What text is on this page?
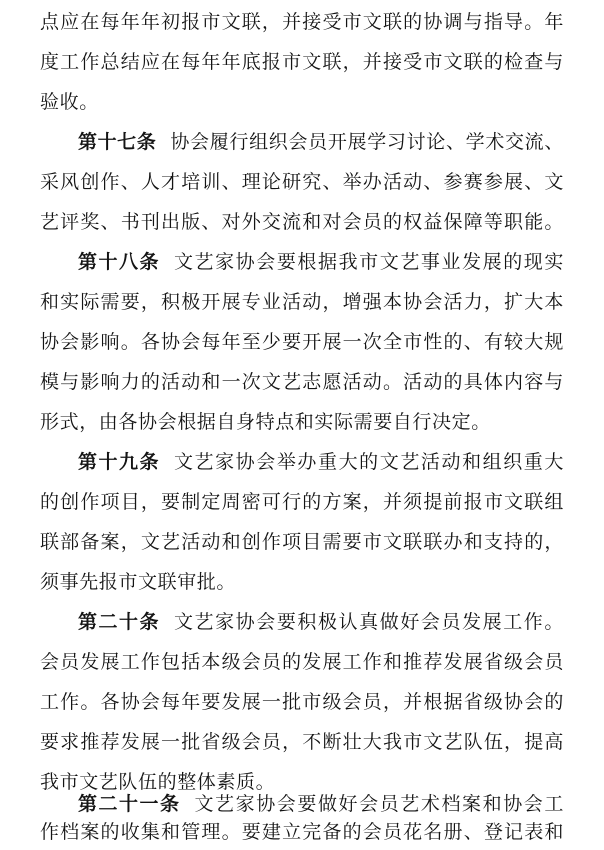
点应在每年年初报市文联，并接受市文联的协调与指导。年
度工作总结应在每年年底报市文联，并接受市文联的检查与
验收。
第十七条 协会履行组织会员开展学习讨论、学术交流、
采风创作、人才培训、理论研究、举办活动、参赛参展、文
艺评奖、书刊出版、对外交流和对会员的权益保障等职能。
第十八条 文艺家协会要根据我市文艺事业发展的现实
和实际需要，积极开展专业活动，增强本协会活力，扩大本
协会影响。各协会每年至少要开展一次全市性的、有较大规
模与影响力的活动和一次文艺志愿活动。活动的具体内容与
形式，由各协会根据自身特点和实际需要自行决定。
第十九条 文艺家协会举办重大的文艺活动和组织重大
的创作项目，要制定周密可行的方案，并须提前报市文联组
联部备案，文艺活动和创作项目需要市文联联办和支持的，
须事先报市文联审批。
第二十条 文艺家协会要积极认真做好会员发展工作。
会员发展工作包括本级会员的发展工作和推荐发展省级会员
工作。各协会每年要发展一批市级会员，并根据省级协会的
要求推荐发展一批省级会员，不断壮大我市文艺队伍，提高
我市文艺队伍的整体素质。
第二十一条 文艺家协会要做好会员艺术档案和协会工
作档案的收集和管理。要建立完备的会员花名册、登记表和
